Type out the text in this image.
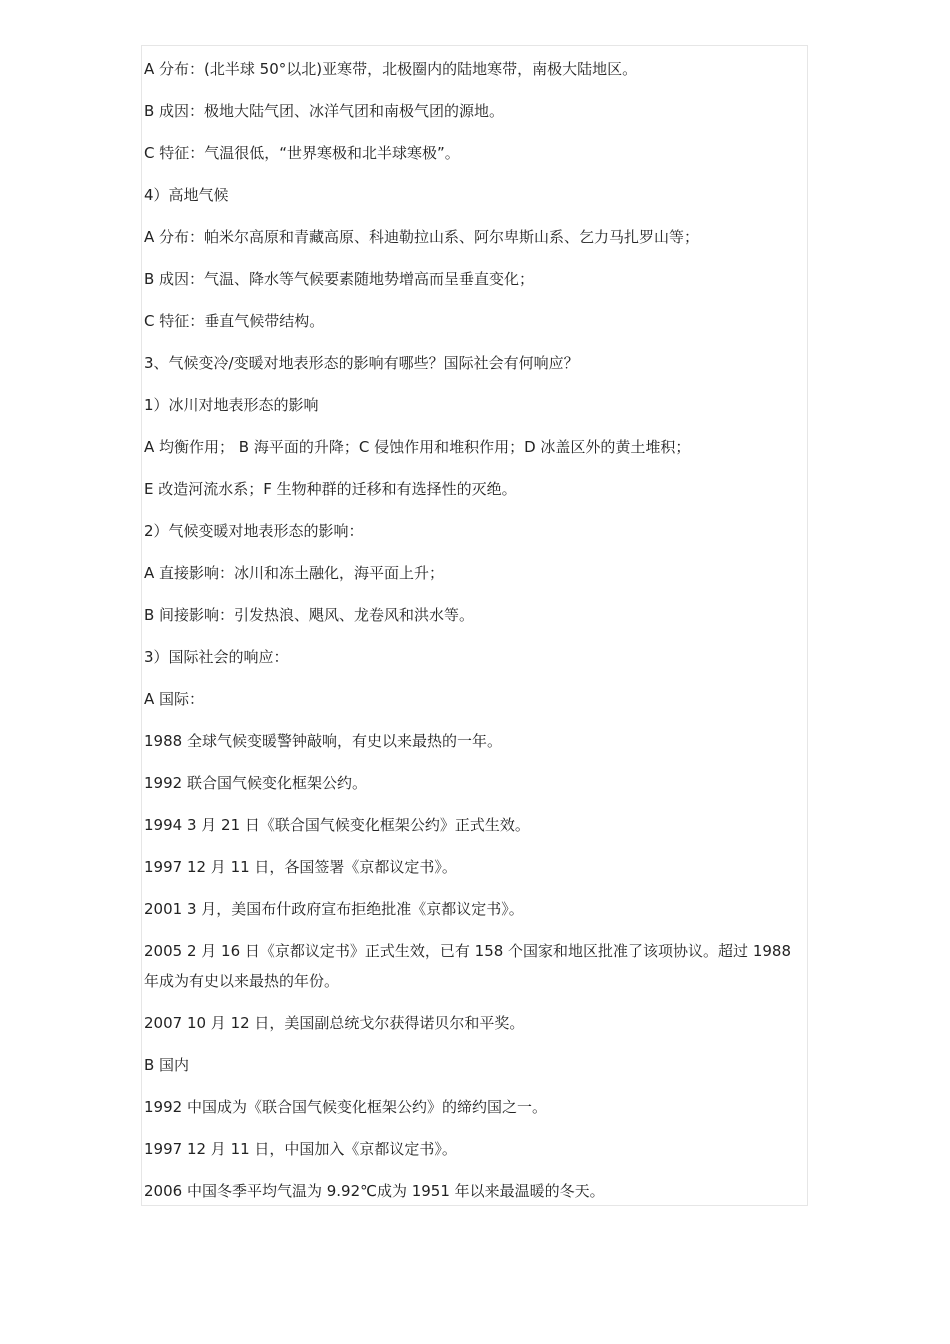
A 分布：(北半球 50°以北)亚寒带，北极圈内的陆地寒带，南极大陆地区。
B 成因：极地大陆气团、冰洋气团和南极气团的源地。
C 特征：气温很低，“世界寒极和北半球寒极”。
4）高地气候
A 分布：帕米尔高原和青藏高原、科迪勒拉山系、阿尔卑斯山系、乞力马扎罗山等；
B 成因：气温、降水等气候要素随地势增高而呈垂直变化；
C 特征：垂直气候带结构。
3、气候变冷/变暖对地表形态的影响有哪些？国际社会有何响应？
1）冰川对地表形态的影响
A 均衡作用； B 海平面的升降；C 侵蚀作用和堆积作用；D 冰盖区外的黄土堆积；
E 改造河流水系；F 生物种群的迁移和有选择性的灭绝。
2）气候变暖对地表形态的影响：
A 直接影响：冰川和冻土融化，海平面上升；
B 间接影响：引发热浪、飓风、龙卷风和洪水等。
3）国际社会的响应：
A 国际：
1988 全球气候变暖警钟敲响，有史以来最热的一年。
1992 联合国气候变化框架公约。
1994 3 月 21 日《联合国气候变化框架公约》正式生效。
1997 12 月 11 日，各国签署《京都议定书》。
2001 3 月，美国布什政府宣布拒绝批准《京都议定书》。
2005 2 月 16 日《京都议定书》正式生效，已有 158 个国家和地区批准了该项协议。超过 1988 年成为有史以来最热的年份。
2007 10 月 12 日，美国副总统戈尔获得诺贝尔和平奖。
B 国内
1992 中国成为《联合国气候变化框架公约》的缔约国之一。
1997 12 月 11 日，中国加入《京都议定书》。
2006 中国冬季平均气温为 9.92℃成为 1951 年以来最温暖的冬天。
